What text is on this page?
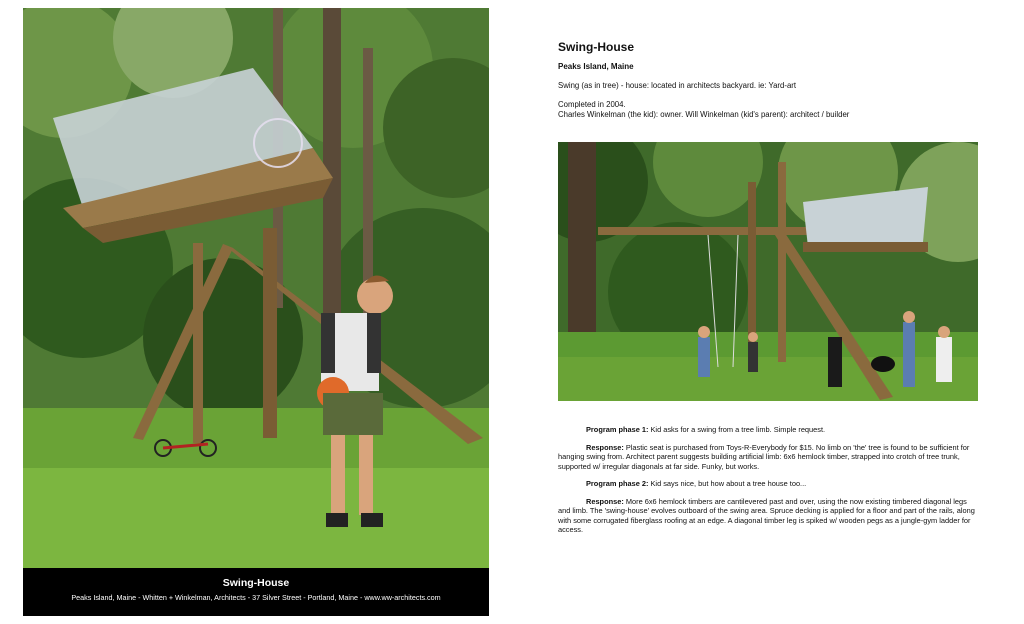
Swing-House
Peaks Island, Maine - Whitten + Winkelman, Architects - 37 Silver Street - Portland, Maine - www.ww-architects.com
Swing-House
Peaks Island, Maine
Swing (as in tree) - house: located in architects backyard. ie: Yard-art
Completed in 2004.
Charles Winkelman (the kid): owner. Will Winkelman (kid's parent): architect / builder

Program phase 1: Kid asks for a swing from a tree limb. Simple request.

Response: Plastic seat is purchased from Toys-R-Everybody for $15. No limb on 'the' tree is found to be sufficient for hanging swing from. Architect parent suggests building artificial limb: 6x6 hemlock timber, strapped into crotch of tree trunk, supported w/ irregular diagonals at far side. Funky, but works.

Program phase 2: Kid says nice, but how about a tree house too...

Response: More 6x6 hemlock timbers are cantilevered past and over, using the now existing timbered diagonal legs and limb. The 'swing-house' evolves outboard of the swing area. Spruce decking is applied for a floor and part of the rails, along with some corrugated fiberglass roofing at an edge. A diagonal timber leg is spiked w/ wooden pegs as a jungle-gym ladder for access.
